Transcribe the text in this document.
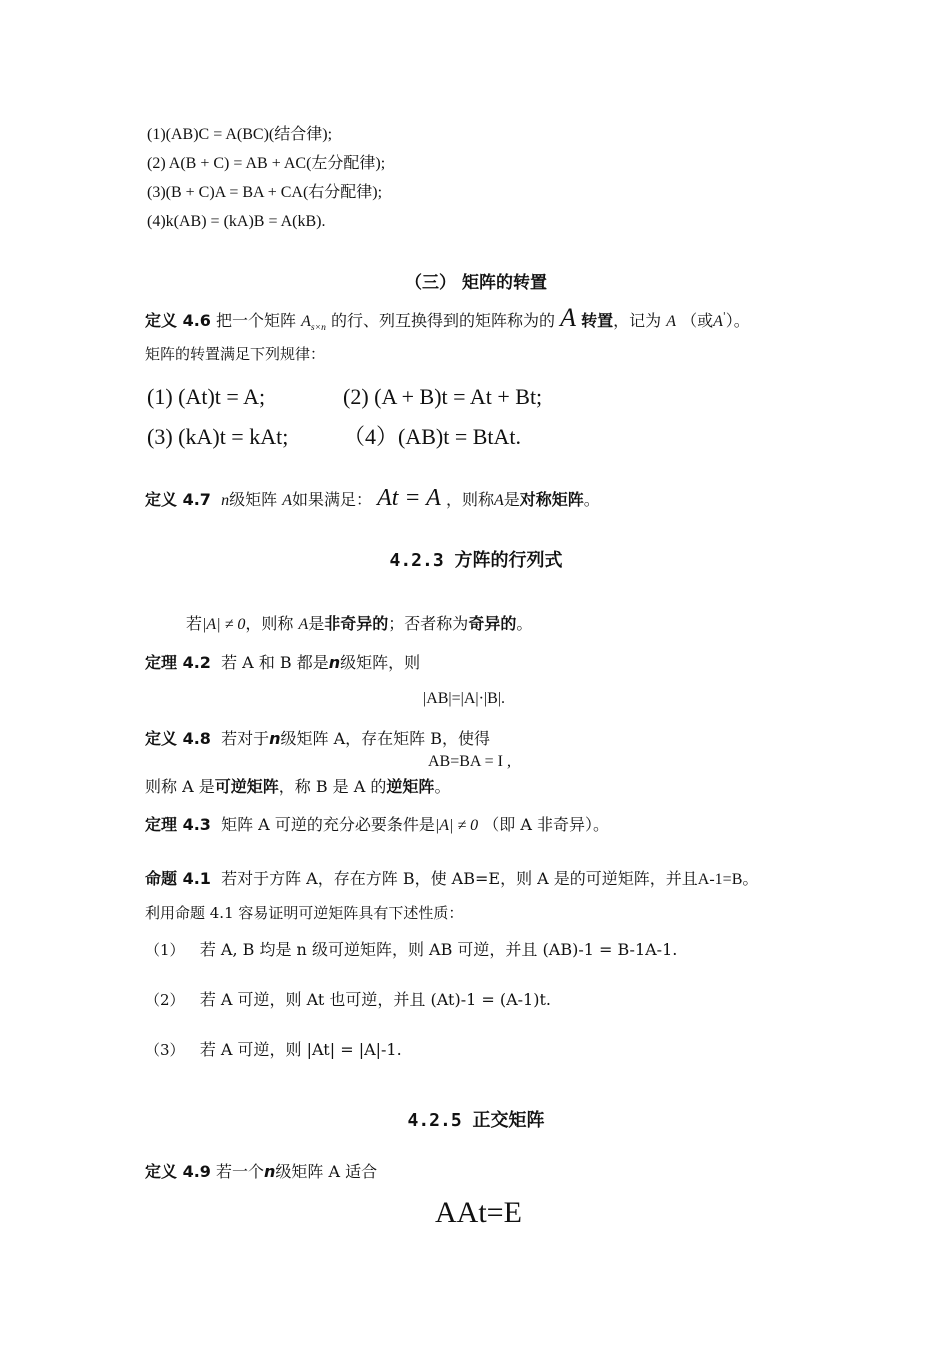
(1)(AB)C = A(BC)(结合律);
(2) A(B + C) = AB + AC(左分配律);
(3)(B + C)A = BA + CA(右分配律);
(4)k(AB) = (kA)B = A(kB).
（三） 矩阵的转置
定义 4.6 把一个矩阵 $A_{s\times n}$ 的行、列互换得到的矩阵称为的 A 转置，记为 A （或A'）。
矩阵的转置满足下列规律：
(1) (At)t = A;	(2) (A + B)t = At + Bt;
(3) (kA)t = kAt; （4）(AB)t = BtAt.
定义 4.7 n级矩阵 A如果满足： At = A ，则称A是对称矩阵。
4.2.3 方阵的行列式
若|A| ≠ 0，则称 A是非奇异的；否者称为奇异的。
定理 4.2 若 A 和 B 都是n级矩阵，则
|AB|=|A|·|B|.
定义 4.8 若对于n级矩阵 A，存在矩阵 B，使得
AB=BA = I ,
则称 A 是可逆矩阵，称 B 是 A 的逆矩阵。
定理 4.3 矩阵 A 可逆的充分必要条件是|A| ≠ 0 （即 A 非奇异）。
命题 4.1 若对于方阵 A，存在方阵 B，使 AB=E，则 A 是的可逆矩阵，并且A-1=B。
利用命题 4.1 容易证明可逆矩阵具有下述性质：
（1） 若 A, B 均是 n 级可逆矩阵，则 AB 可逆，并且 (AB)-1 = B-1A-1.
（2） 若 A 可逆，则 At 也可逆，并且 (At)-1 = (A-1)t.
（3） 若 A 可逆，则 |At| = |A|-1.
4.2.5 正交矩阵
定义 4.9 若一个n级矩阵 A 适合
AAt=E
